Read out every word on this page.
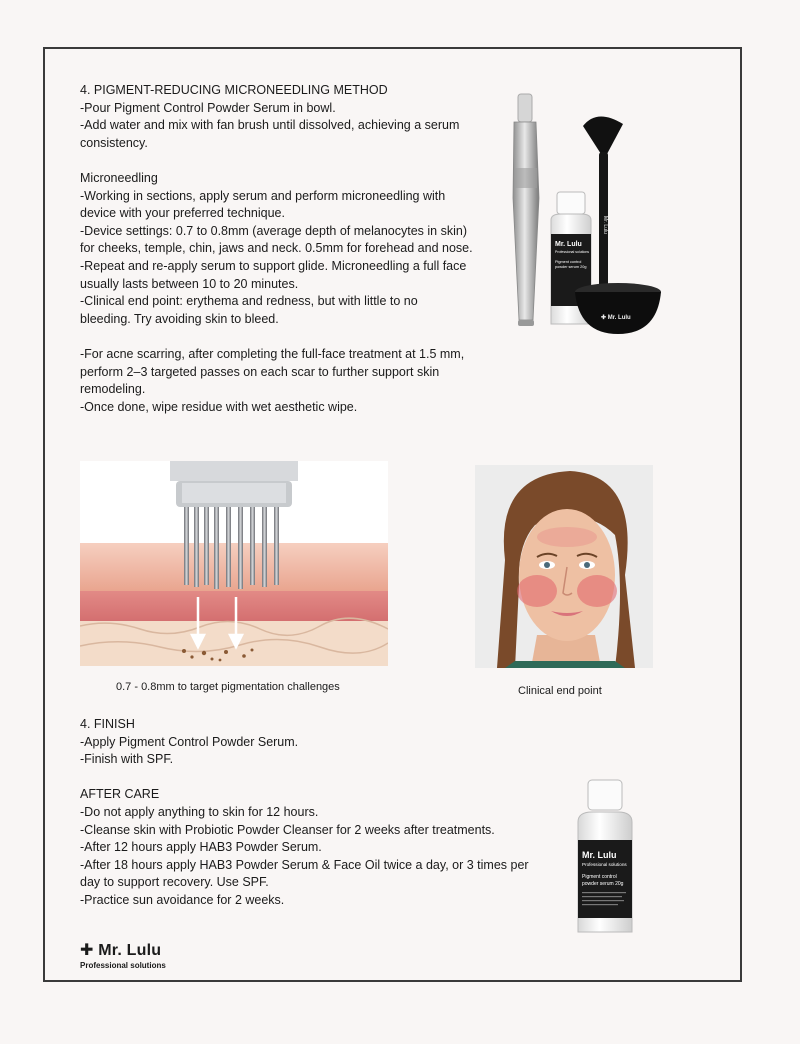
4. PIGMENT-REDUCING MICRONEEDLING METHOD
-Pour Pigment Control Powder Serum in bowl.
-Add water and mix with fan brush until dissolved, achieving a serum
consistency.
Microneedling
-Working in sections, apply serum and perform microneedling with
device with your preferred technique.
-Device settings: 0.7 to 0.8mm (average depth of melanocytes in skin)
for cheeks, temple, chin, jaws and neck. 0.5mm for forehead and nose.
-Repeat and re-apply serum to support glide. Microneedling a full face
usually lasts between 10 to 20 minutes.
-Clinical end point: erythema and redness, but with little to no
bleeding. Try avoiding skin to bleed.
-For acne scarring, after completing the full-face treatment at 1.5 mm,
perform 2–3 targeted passes on each scar to further support skin
remodeling.
-Once done, wipe residue with wet aesthetic wipe.
Mr. Lulu
Mr. Lulu
Professional solutions
Pigment control
powder serum 20g
✚ Mr. Lulu
0.7 - 0.8mm to target pigmentation challenges	Clinical end point
4. FINISH
-Apply Pigment Control Powder Serum.
-Finish with SPF.
AFTER CARE
-Do not apply anything to skin for 12 hours.
-Cleanse skin with Probiotic Powder Cleanser for 2 weeks after treatments.
-After 12 hours apply HAB3 Powder Serum.
-After 18 hours apply HAB3 Powder Serum & Face Oil twice a day, or 3 times per
day to support recovery. Use SPF.
-Practice sun avoidance for 2 weeks.
Mr. Lulu
Professional solutions
Pigment control
powder serum 20g
✚ Mr. Lulu
Professional solutions
